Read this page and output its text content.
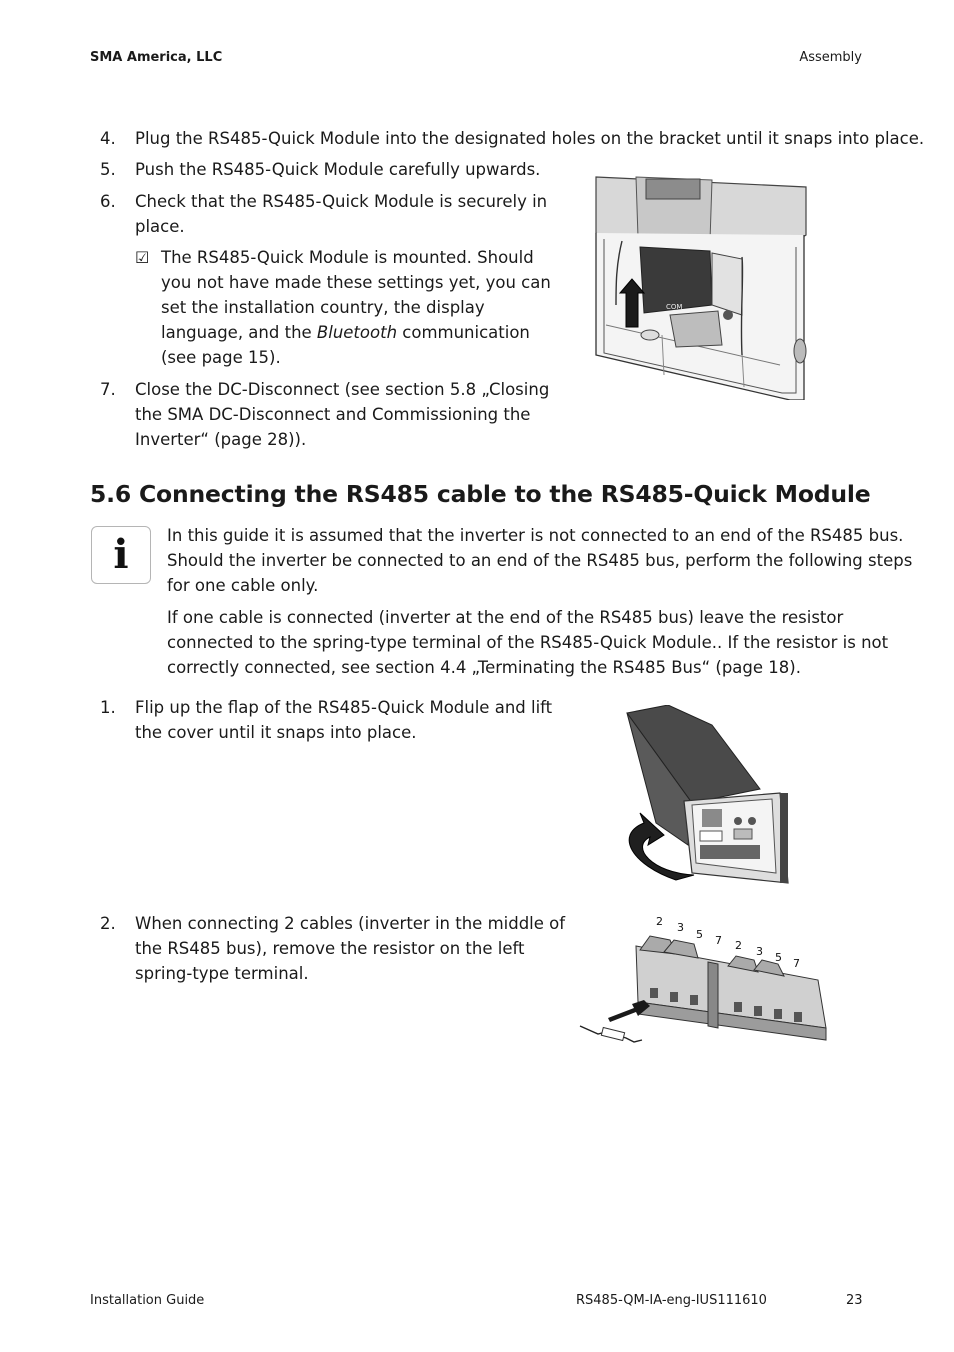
SMA America, LLC	Assembly
4. Plug the RS485-Quick Module into the designated holes on the bracket until it snaps into place.
5. Push the RS485-Quick Module carefully upwards.
6. Check that the RS485-Quick Module is securely in
place.
☑ The RS485-Quick Module is mounted. Should
you not have made these settings yet, you can
set the installation country, the display
language, and the Bluetooth communication
(see page 15).
7. Close the DC-Disconnect (see section 5.8 „Closing
the SMA DC-Disconnect and Commissioning the
Inverter“ (page 28)).
COM
5.6 Connecting the RS485 cable to the RS485-Quick Module
i	In this guide it is assumed that the inverter is not connected to an end of the RS485 bus.
Should the inverter be connected to an end of the RS485 bus, perform the following steps
for one cable only.
If one cable is connected (inverter at the end of the RS485 bus) leave the resistor
connected to the spring-type terminal of the RS485-Quick Module.. If the resistor is not
correctly connected, see section 4.4 „Terminating the RS485 Bus“ (page 18).
1. Flip up the flap of the RS485-Quick Module and lift
the cover until it snaps into place.
2. When connecting 2 cables (inverter in the middle of
the RS485 bus), remove the resistor on the left
spring-type terminal.
2 3
5 7 2 3 5 7
Installation Guide	RS485-QM-IA-eng-IUS111610	23
